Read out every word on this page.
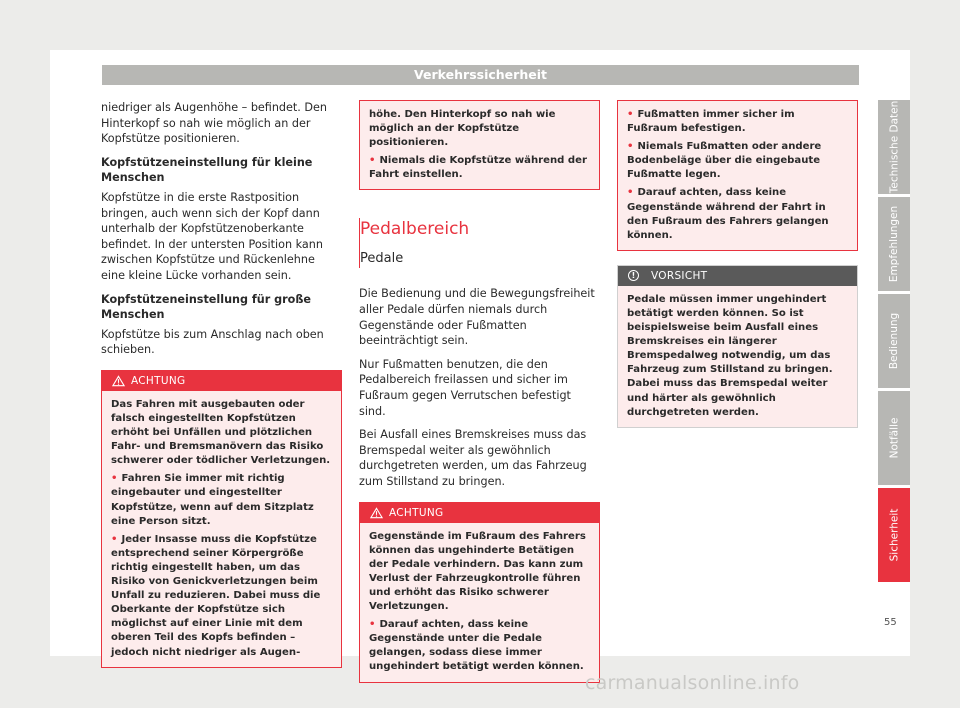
Verkehrssicherheit

niedriger als Augenhöhe – befindet. Den Hinterkopf so nah wie möglich an der Kopfstütze positionieren.

Kopfstützeneinstellung für kleine Menschen

Kopfstütze in die erste Rastposition bringen, auch wenn sich der Kopf dann unterhalb der Kopfstützenoberkante befindet. In der untersten Position kann zwischen Kopfstütze und Rückenlehne eine kleine Lücke vorhanden sein.

Kopfstützeneinstellung für große Menschen

Kopfstütze bis zum Anschlag nach oben schieben.

ACHTUNG

Das Fahren mit ausgebauten oder falsch eingestellten Kopfstützen erhöht bei Unfällen und plötzlichen Fahr- und Bremsmanövern das Risiko schwerer oder tödlicher Verletzungen.

• Fahren Sie immer mit richtig eingebauter und eingestellter Kopfstütze, wenn auf dem Sitzplatz eine Person sitzt.

• Jeder Insasse muss die Kopfstütze entsprechend seiner Körpergröße richtig eingestellt haben, um das Risiko von Genickverletzungen beim Unfall zu reduzieren. Dabei muss die Oberkante der Kopfstütze sich möglichst auf einer Linie mit dem oberen Teil des Kopfs befinden – jedoch nicht niedriger als Augen-

höhe. Den Hinterkopf so nah wie möglich an der Kopfstütze positionieren.

• Niemals die Kopfstütze während der Fahrt einstellen.

Pedalbereich

Pedale

Die Bedienung und die Bewegungsfreiheit aller Pedale dürfen niemals durch Gegenstände oder Fußmatten beeinträchtigt sein.

Nur Fußmatten benutzen, die den Pedalbereich freilassen und sicher im Fußraum gegen Verrutschen befestigt sind.

Bei Ausfall eines Bremskreises muss das Bremspedal weiter als gewöhnlich durchgetreten werden, um das Fahrzeug zum Stillstand zu bringen.

ACHTUNG

Gegenstände im Fußraum des Fahrers können das ungehinderte Betätigen der Pedale verhindern. Das kann zum Verlust der Fahrzeugkontrolle führen und erhöht das Risiko schwerer Verletzungen.

• Darauf achten, dass keine Gegenstände unter die Pedale gelangen, sodass diese immer ungehindert betätigt werden können.

• Fußmatten immer sicher im Fußraum befestigen.

• Niemals Fußmatten oder andere Bodenbeläge über die eingebaute Fußmatte legen.

• Darauf achten, dass keine Gegenstände während der Fahrt in den Fußraum des Fahrers gelangen können.

!	VORSICHT

Pedale müssen immer ungehindert betätigt werden können. So ist beispielsweise beim Ausfall eines Bremskreises ein längerer Bremspedalweg notwendig, um das Fahrzeug zum Stillstand zu bringen. Dabei muss das Bremspedal weiter und härter als gewöhnlich durchgetreten werden.

Technische Daten
Empfehlungen
Bedienung
Notfälle
Sicherheit
55
carmanualsonline.info
